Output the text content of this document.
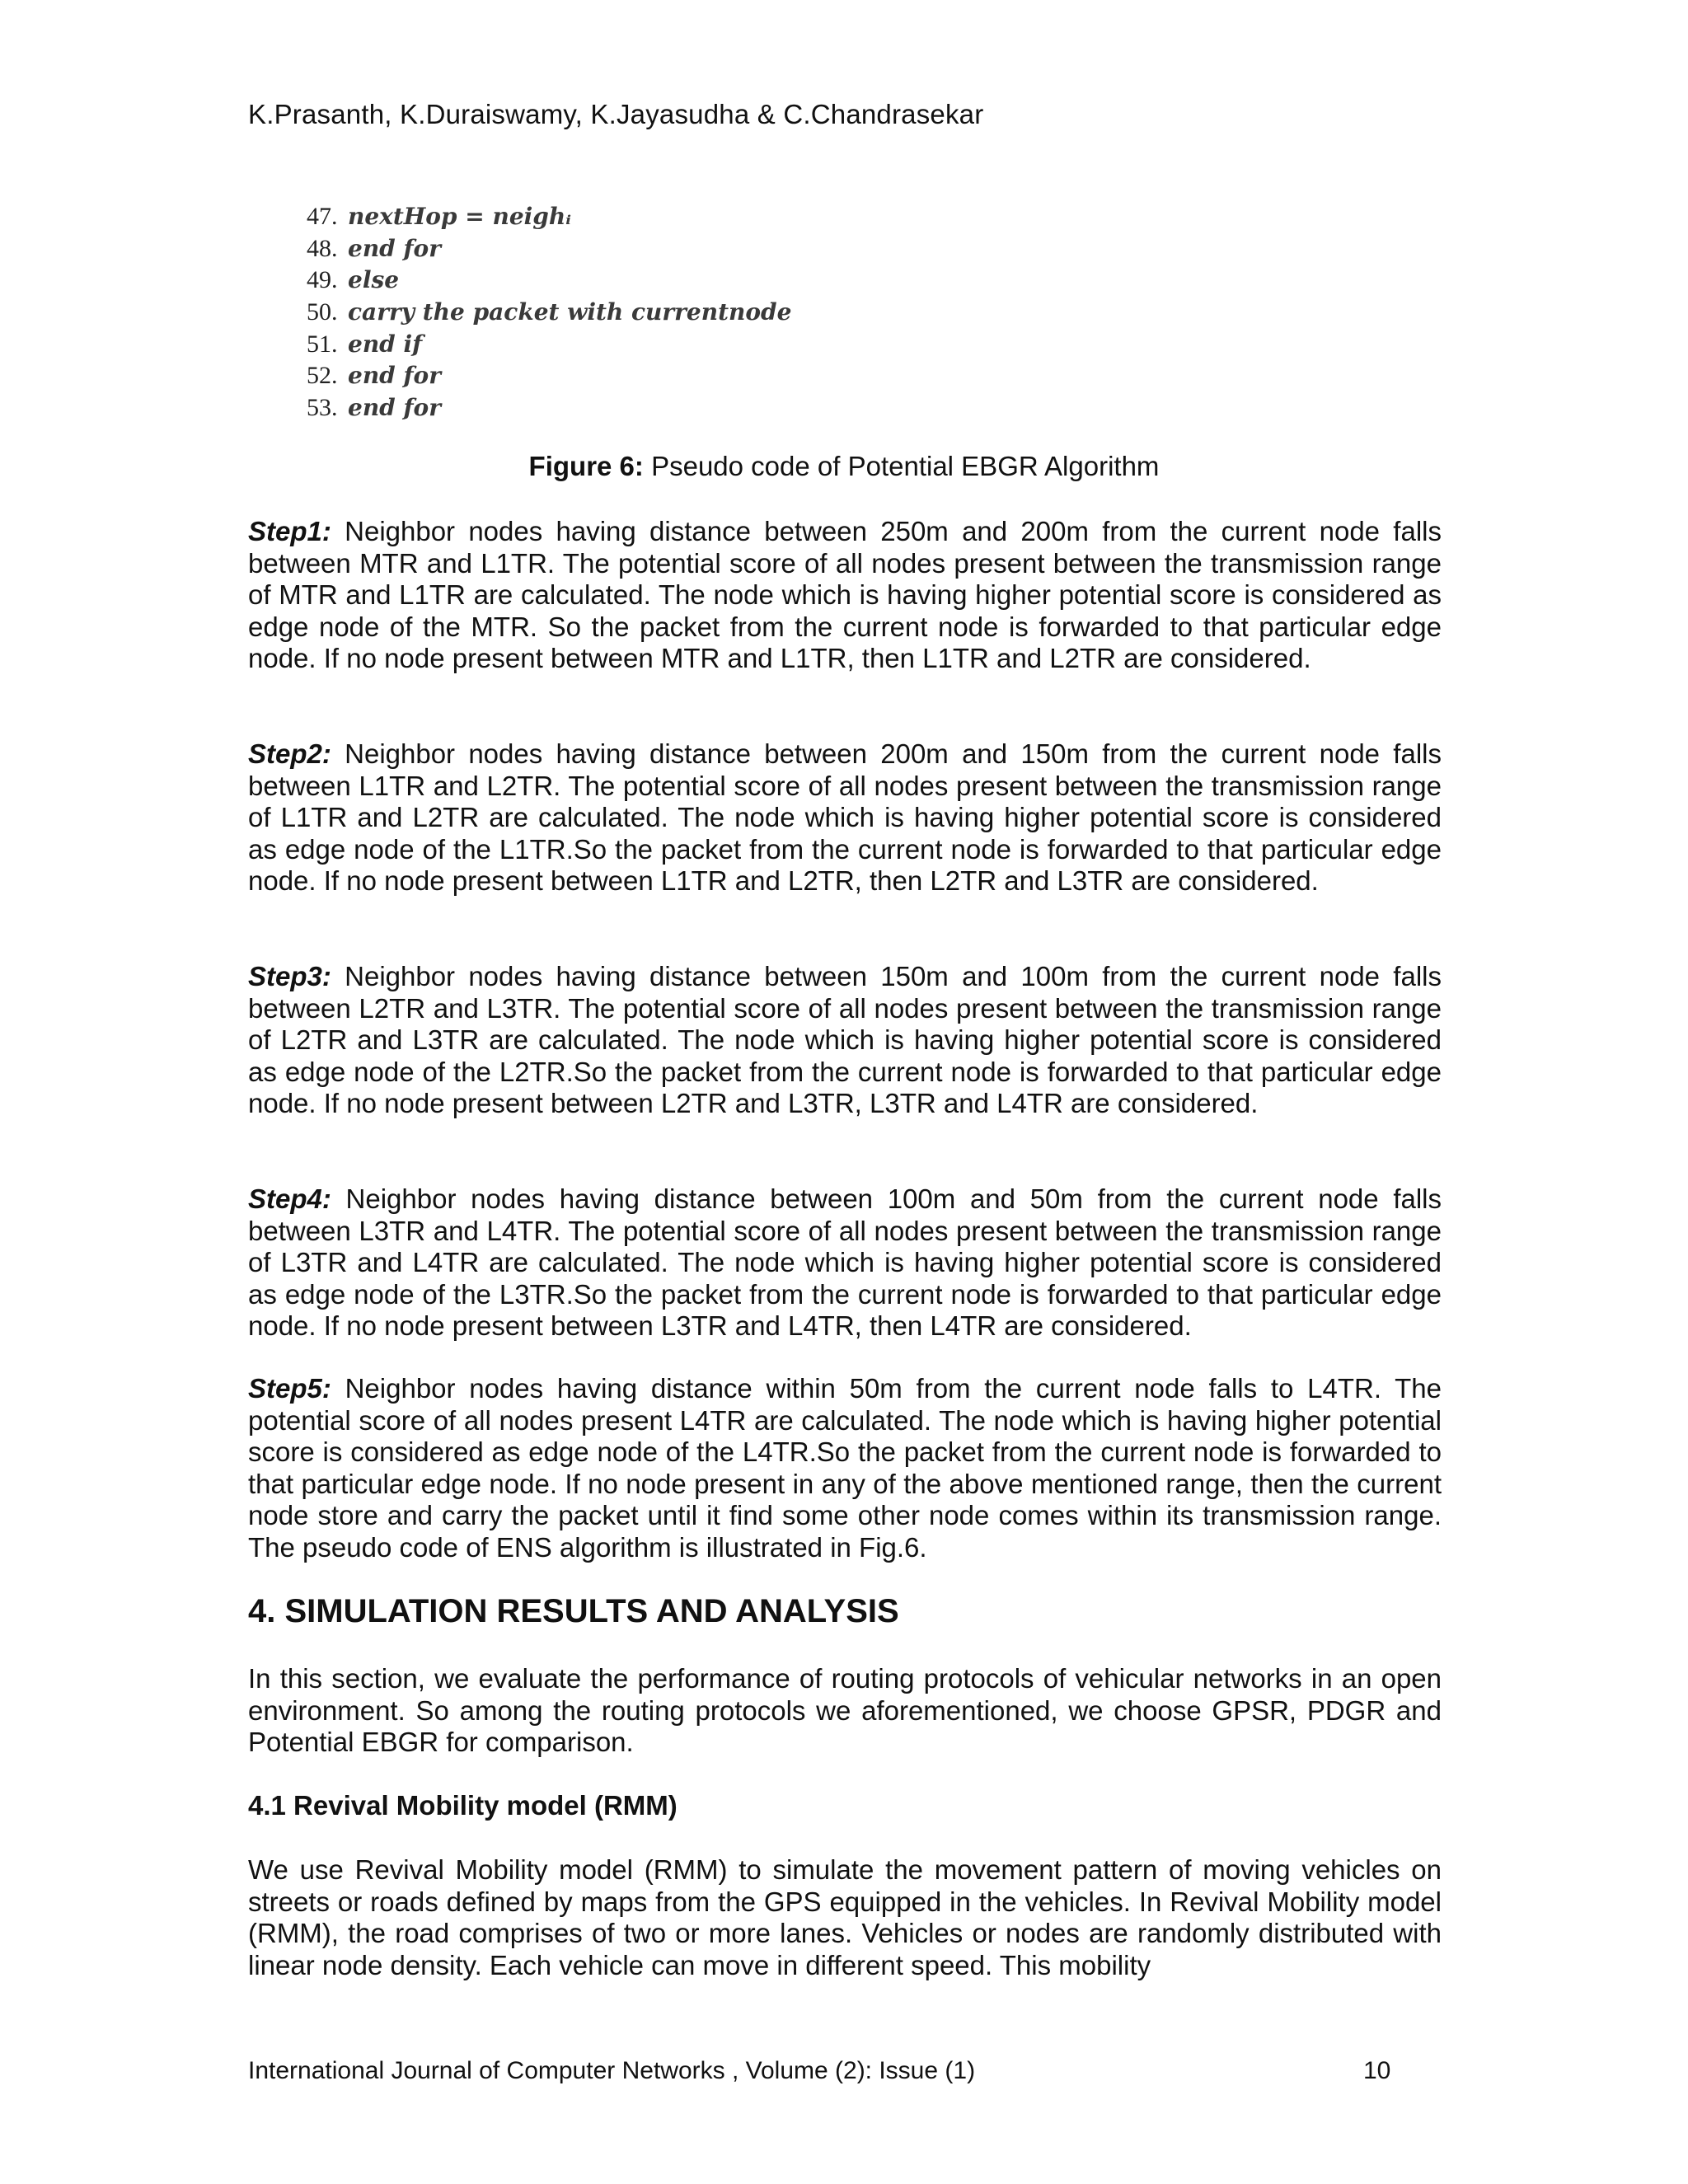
K.Prasanth, K.Duraiswamy, K.Jayasudha & C.Chandrasekar
47. nextHop = neighᵢ
48. end for
49. else
50. carry the packet with currentnode
51. end if
52. end for
53. end for
Figure 6: Pseudo code of Potential EBGR Algorithm
Step1: Neighbor nodes having distance between 250m and 200m from the current node falls between MTR and L1TR. The potential score of all nodes present between the transmission range of MTR and L1TR are calculated. The node which is having higher potential score is considered as edge node of the MTR. So the packet from the current node is forwarded to that particular edge node. If no node present between MTR and L1TR, then L1TR and L2TR are considered.
Step2: Neighbor nodes having distance between 200m and 150m from the current node falls between L1TR and L2TR. The potential score of all nodes present between the transmission range of L1TR and L2TR are calculated. The node which is having higher potential score is considered as edge node of the L1TR.So the packet from the current node is forwarded to that particular edge node. If no node present between L1TR and L2TR, then L2TR and L3TR are considered.
Step3: Neighbor nodes having distance between 150m and 100m from the current node falls between L2TR and L3TR. The potential score of all nodes present between the transmission range of L2TR and L3TR are calculated. The node which is having higher potential score is considered as edge node of the L2TR.So the packet from the current node is forwarded to that particular edge node. If no node present between L2TR and L3TR, L3TR and L4TR are considered.
Step4: Neighbor nodes having distance between 100m and 50m from the current node falls between L3TR and L4TR. The potential score of all nodes present between the transmission range of L3TR and L4TR are calculated. The node which is having higher potential score is considered as edge node of the L3TR.So the packet from the current node is forwarded to that particular edge node. If no node present between L3TR and L4TR, then L4TR are considered.
Step5: Neighbor nodes having distance within 50m from the current node falls to L4TR. The potential score of all nodes present L4TR are calculated. The node which is having higher potential score is considered as edge node of the L4TR.So the packet from the current node is forwarded to that particular edge node. If no node present in any of the above mentioned range, then the current node store and carry the packet until it find some other node comes within its transmission range. The pseudo code of ENS algorithm is illustrated in Fig.6.
4. SIMULATION RESULTS AND ANALYSIS
In this section, we evaluate the performance of routing protocols of vehicular networks in an open environment. So among the routing protocols we aforementioned, we choose GPSR, PDGR and Potential EBGR for comparison.
4.1 Revival Mobility model (RMM)
We use Revival Mobility model (RMM) to simulate the movement pattern of moving vehicles on streets or roads defined by maps from the GPS equipped in the vehicles. In Revival Mobility model (RMM), the road comprises of two or more lanes. Vehicles or nodes are randomly distributed with linear node density. Each vehicle can move in different speed. This mobility
International Journal of Computer Networks , Volume (2): Issue (1)	10
